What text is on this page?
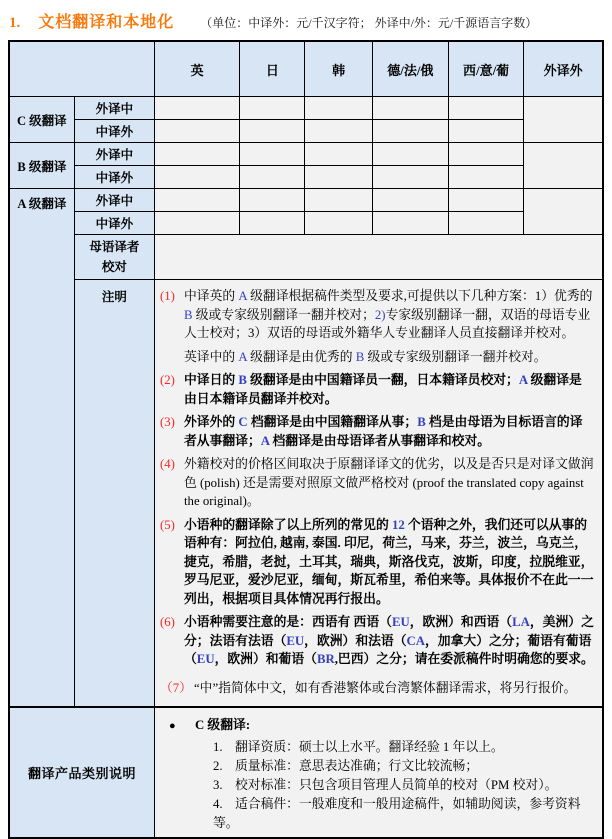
1. 文档翻译和本地化 （单位：中译外：元/千汉字符； 外译中/外：元/千源语言字数）
		英	日	韩	德/法/俄	西/意/葡	外译外
C 级翻译	外译中						
	中译外						
B 级翻译	外译中						
	中译外						
A 级翻译	外译中						
	中译外						

	母语译者
校对						

注明	(1) 中译英的 A 级翻译根据稿件类型及要求,可提供以下几种方案：1）优秀的 B 级或专家级别翻译一翻并校对；2)专家级别翻译一翻，双语的母语专业人士校对；3）双语的母语或外籍华人专业翻译人员直接翻译并校对。
英译中的 A 级翻译是由优秀的 B 级或专家级别翻译一翻并校对。
(2) 中译日的 B 级翻译是由中国籍译员一翻，日本籍译员校对；A 级翻译是由日本籍译员翻译并校对。
(3) 外译外的 C 档翻译是由中国籍翻译从事；B 档是由母语为目标语言的译者从事翻译；A 档翻译是由母语译者从事翻译和校对。
(4) 外籍校对的价格区间取决于原翻译译文的优劣，以及是否只是对译文做润色 (polish) 还是需要对照原文做严格校对 (proof the translated copy against the original)。
(5) 小语种的翻译除了以上所列的常见的 12 个语种之外，我们还可以从事的语种有：阿拉伯, 越南, 泰国. 印尼，荷兰，马来，芬兰，波兰，乌克兰，捷克，希腊，老挝，土耳其，瑞典，斯洛伐克，波斯，印度，拉脱维亚，罗马尼亚，爱沙尼亚，缅甸，斯瓦希里，希伯来等。具体报价不在此一一列出，根据项目具体情况再行报出。
(6) 小语种需要注意的是：西语有 西语（EU，欧洲）和西语（LA，美洲）之分；法语有法语（EU，欧洲）和法语（CA，加拿大）之分；葡语有葡语（EU，欧洲）和葡语（BR,巴西）之分；请在委派稿件时明确您的要求。
（7） “中”指简体中文，如有香港繁体或台湾繁体翻译需求，将另行报价。

翻译产品类别说明	
●	C 级翻译:
翻译资质：硕士以上水平。翻译经验 1 年以上。
质量标准：意思表达准确；行文比较流畅；
校对标准：只包含项目管理人员简单的校对（PM 校对）。
适合稿件：一般难度和一般用途稿件，如辅助阅读，参考资料等。
